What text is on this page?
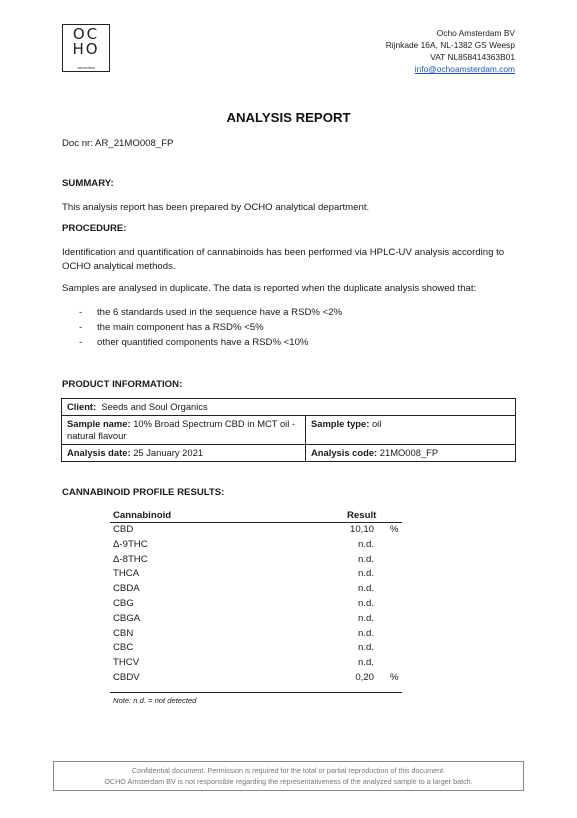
OC
HO
amsterdam
Ocho Amsterdam BV
Rijnkade 16A, NL-1382 GS Weesp
VAT NL858414363B01
info@ochoamsterdam.com
ANALYSIS REPORT
Doc nr: AR_21MO008_FP
SUMMARY:
This analysis report has been prepared by OCHO analytical department.
PROCEDURE:
Identification and quantification of cannabinoids has been performed via HPLC-UV analysis according to OCHO analytical methods.
Samples are analysed in duplicate. The data is reported when the duplicate analysis showed that:
- the 6 standards used in the sequence have a RSD% <2%
- the main component has a RSD% <5%
- other quantified components have a RSD% <10%
PRODUCT INFORMATION:
Client: Seeds and Soul Organics	
Sample name: 10% Broad Spectrum CBD in MCT oil - natural flavour	Sample type: oil
Analysis date: 25 January 2021	Analysis code: 21MO008_FP
CANNABINOID PROFILE RESULTS:
Cannabinoid	Result
CBD	10,10 %
Δ-9THC	n.d.
Δ-8THC	n.d.
THCA	n.d.
CBDA	n.d.
CBG	n.d.
CBGA	n.d.
CBN	n.d.
CBC	n.d.
THCV	n.d.
CBDV	0,20 %
Note: n.d. = not detected
Confidential document. Permission is required for the total or partial reproduction of this document.
OCHO Amsterdam BV is not responsible regarding the representativeness of the analyzed sample to a larger batch.
